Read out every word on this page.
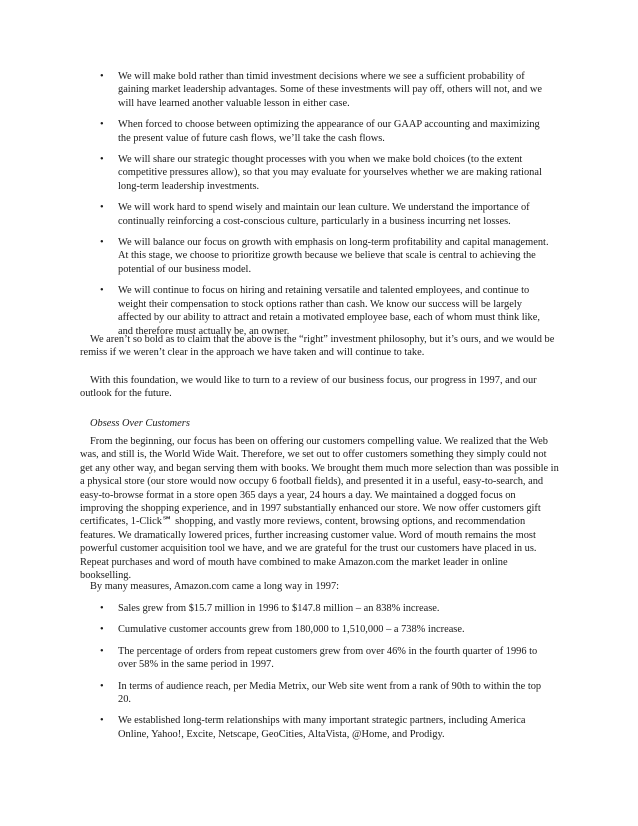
• We will make bold rather than timid investment decisions where we see a sufficient probability of gaining market leadership advantages. Some of these investments will pay off, others will not, and we will have learned another valuable lesson in either case.
• When forced to choose between optimizing the appearance of our GAAP accounting and maximizing the present value of future cash flows, we’ll take the cash flows.
• We will share our strategic thought processes with you when we make bold choices (to the extent competitive pressures allow), so that you may evaluate for yourselves whether we are making rational long-term leadership investments.
• We will work hard to spend wisely and maintain our lean culture. We understand the importance of continually reinforcing a cost-conscious culture, particularly in a business incurring net losses.
• We will balance our focus on growth with emphasis on long-term profitability and capital management. At this stage, we choose to prioritize growth because we believe that scale is central to achieving the potential of our business model.
• We will continue to focus on hiring and retaining versatile and talented employees, and continue to weight their compensation to stock options rather than cash. We know our success will be largely affected by our ability to attract and retain a motivated employee base, each of whom must think like, and therefore must actually be, an owner.

We aren’t so bold as to claim that the above is the “right” investment philosophy, but it’s ours, and we would be remiss if we weren’t clear in the approach we have taken and will continue to take.

With this foundation, we would like to turn to a review of our business focus, our progress in 1997, and our outlook for the future.

Obsess Over Customers

From the beginning, our focus has been on offering our customers compelling value. We realized that the Web was, and still is, the World Wide Wait. Therefore, we set out to offer customers something they simply could not get any other way, and began serving them with books. We brought them much more selection than was possible in a physical store (our store would now occupy 6 football fields), and presented it in a useful, easy-to-search, and easy-to-browse format in a store open 365 days a year, 24 hours a day. We maintained a dogged focus on improving the shopping experience, and in 1997 substantially enhanced our store. We now offer customers gift certificates, 1-Click℠ shopping, and vastly more reviews, content, browsing options, and recommendation features. We dramatically lowered prices, further increasing customer value. Word of mouth remains the most powerful customer acquisition tool we have, and we are grateful for the trust our customers have placed in us. Repeat purchases and word of mouth have combined to make Amazon.com the market leader in online bookselling.

By many measures, Amazon.com came a long way in 1997:

• Sales grew from $15.7 million in 1996 to $147.8 million – an 838% increase.
• Cumulative customer accounts grew from 180,000 to 1,510,000 – a 738% increase.
• The percentage of orders from repeat customers grew from over 46% in the fourth quarter of 1996 to over 58% in the same period in 1997.
• In terms of audience reach, per Media Metrix, our Web site went from a rank of 90th to within the top 20.
• We established long-term relationships with many important strategic partners, including America Online, Yahoo!, Excite, Netscape, GeoCities, AltaVista, @Home, and Prodigy.
